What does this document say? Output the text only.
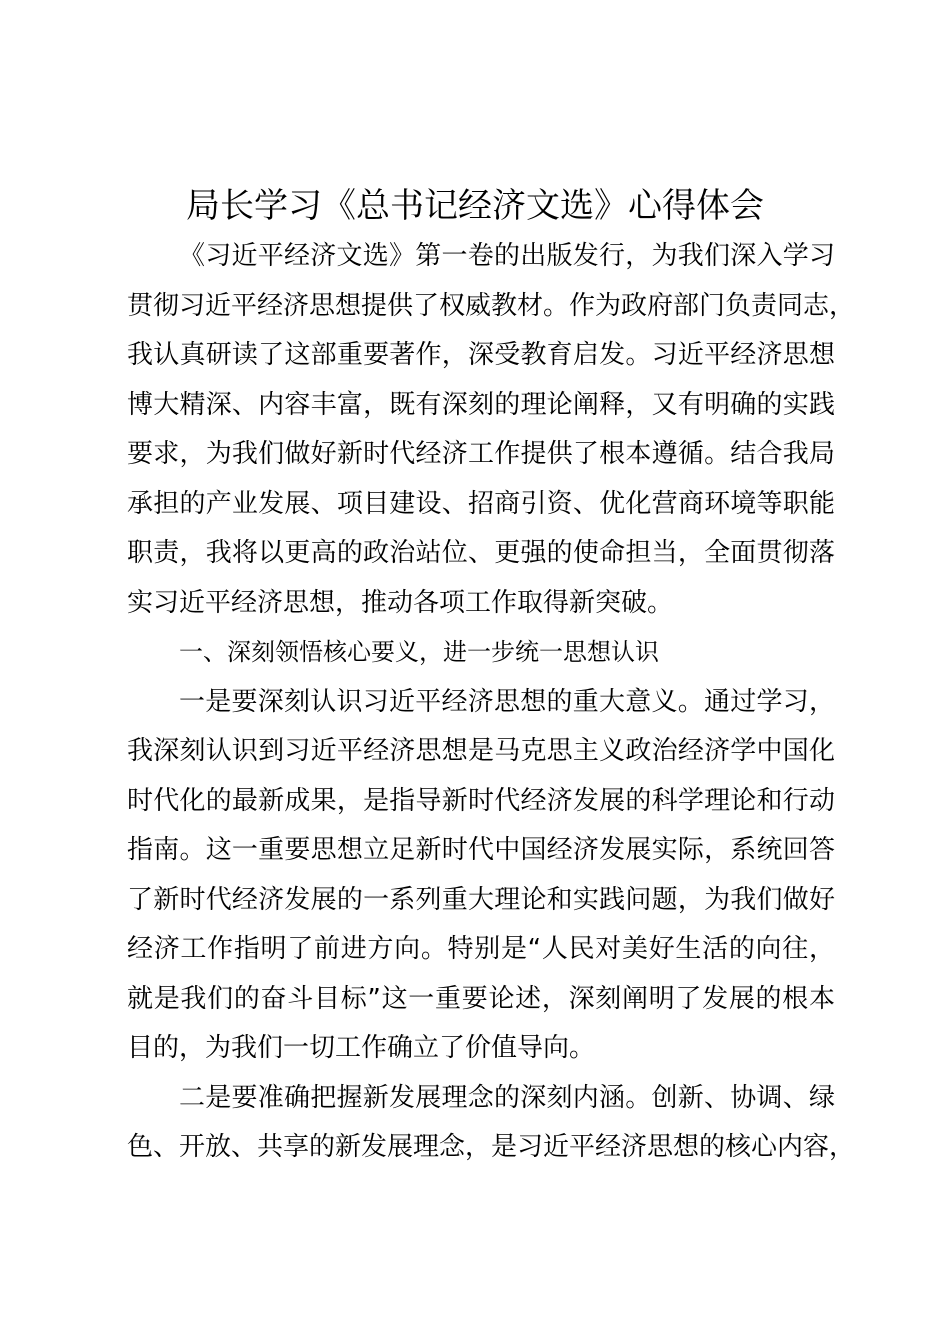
局长学习《总书记经济文选》心得体会
《习近平经济文选》第一卷的出版发行，为我们深入学习
贯彻习近平经济思想提供了权威教材。作为政府部门负责同志，
我认真研读了这部重要著作，深受教育启发。习近平经济思想
博大精深、内容丰富，既有深刻的理论阐释，又有明确的实践
要求，为我们做好新时代经济工作提供了根本遵循。结合我局
承担的产业发展、项目建设、招商引资、优化营商环境等职能
职责，我将以更高的政治站位、更强的使命担当，全面贯彻落
实习近平经济思想，推动各项工作取得新突破。
一、深刻领悟核心要义，进一步统一思想认识
一是要深刻认识习近平经济思想的重大意义。通过学习，
我深刻认识到习近平经济思想是马克思主义政治经济学中国化
时代化的最新成果，是指导新时代经济发展的科学理论和行动
指南。这一重要思想立足新时代中国经济发展实际，系统回答
了新时代经济发展的一系列重大理论和实践问题，为我们做好
经济工作指明了前进方向。特别是“人民对美好生活的向往，
就是我们的奋斗目标”这一重要论述，深刻阐明了发展的根本
目的，为我们一切工作确立了价值导向。
二是要准确把握新发展理念的深刻内涵。创新、协调、绿
色、开放、共享的新发展理念，是习近平经济思想的核心内容，
